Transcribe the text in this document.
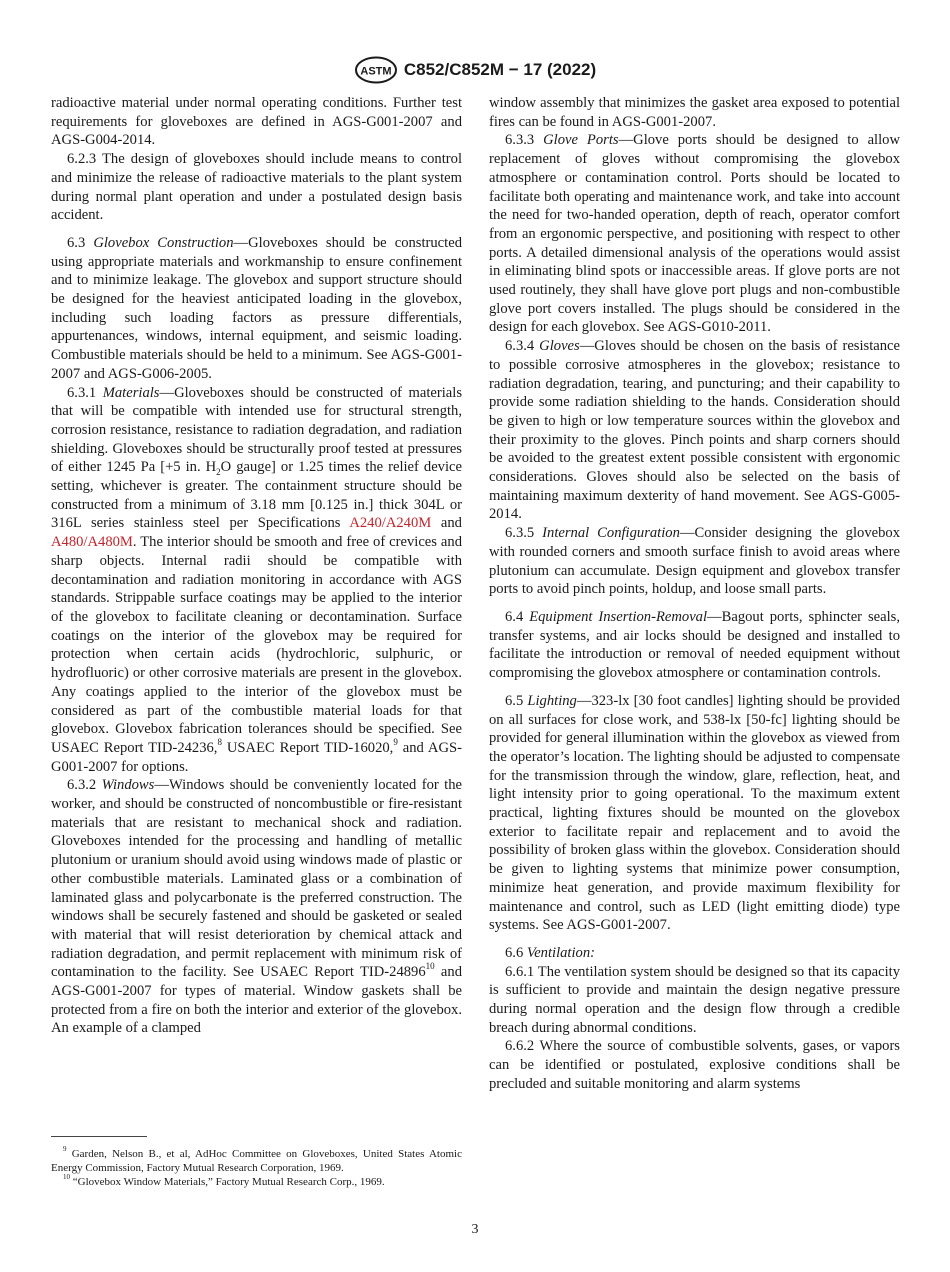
ASTM C852/C852M − 17 (2022)

radioactive material under normal operating conditions. Further test requirements for gloveboxes are defined in AGS-G001-2007 and AGS-G004-2014.

6.2.3 The design of gloveboxes should include means to control and minimize the release of radioactive materials to the plant system during normal plant operation and under a postulated design basis accident.

6.3 Glovebox Construction—Gloveboxes should be constructed using appropriate materials and workmanship to ensure confinement and to minimize leakage. The glovebox and support structure should be designed for the heaviest anticipated loading in the glovebox, including such loading factors as pressure differentials, appurtenances, windows, internal equipment, and seismic loading. Combustible materials should be held to a minimum. See AGS-G001-2007 and AGS-G006-2005.

6.3.1 Materials—Gloveboxes should be constructed of materials that will be compatible with intended use for structural strength, corrosion resistance, resistance to radiation degradation, and radiation shielding. Gloveboxes should be structurally proof tested at pressures of either 1245 Pa [+5 in. $H_2O$ gauge] or 1.25 times the relief device setting, whichever is greater. The containment structure should be constructed from a minimum of 3.18 mm [0.125 in.] thick 304L or 316L series stainless steel per Specifications A240/A240M and A480/A480M. The interior should be smooth and free of crevices and sharp objects. Internal radii should be compatible with decontamination and radiation monitoring in accordance with AGS standards. Strippable surface coatings may be applied to the interior of the glovebox to facilitate cleaning or decontamination. Surface coatings on the interior of the glovebox may be required for protection when certain acids (hydrochloric, sulphuric, or hydrofluoric) or other corrosive materials are present in the glovebox. Any coatings applied to the interior of the glovebox must be considered as part of the combustible material loads for that glovebox. Glovebox fabrication tolerances should be specified. See USAEC Report TID-24236,$^8$ USAEC Report TID-16020,$^9$ and AGS-G001-2007 for options.

6.3.2 Windows—Windows should be conveniently located for the worker, and should be constructed of noncombustible or fire-resistant materials that are resistant to mechanical shock and radiation. Gloveboxes intended for the processing and handling of metallic plutonium or uranium should avoid using windows made of plastic or other combustible materials. Laminated glass or a combination of laminated glass and polycarbonate is the preferred construction. The windows shall be securely fastened and should be gasketed or sealed with material that will resist deterioration by chemical attack and radiation degradation, and permit replacement with minimum risk of contamination to the facility. See USAEC Report TID-24896$^{10}$ and AGS-G001-2007 for types of material. Window gaskets shall be protected from a fire on both the interior and exterior of the glovebox. An example of a clamped

window assembly that minimizes the gasket area exposed to potential fires can be found in AGS-G001-2007.

6.3.3 Glove Ports—Glove ports should be designed to allow replacement of gloves without compromising the glovebox atmosphere or contamination control. Ports should be located to facilitate both operating and maintenance work, and take into account the need for two-handed operation, depth of reach, operator comfort from an ergonomic perspective, and positioning with respect to other ports. A detailed dimensional analysis of the operations would assist in eliminating blind spots or inaccessible areas. If glove ports are not used routinely, they shall have glove port plugs and non-combustible glove port covers installed. The plugs should be considered in the design for each glovebox. See AGS-G010-2011.

6.3.4 Gloves—Gloves should be chosen on the basis of resistance to possible corrosive atmospheres in the glovebox; resistance to radiation degradation, tearing, and puncturing; and their capability to provide some radiation shielding to the hands. Consideration should be given to high or low temperature sources within the glovebox and their proximity to the gloves. Pinch points and sharp corners should be avoided to the greatest extent possible consistent with ergonomic considerations. Gloves should also be selected on the basis of maintaining maximum dexterity of hand movement. See AGS-G005-2014.

6.3.5 Internal Configuration—Consider designing the glovebox with rounded corners and smooth surface finish to avoid areas where plutonium can accumulate. Design equipment and glovebox transfer ports to avoid pinch points, holdup, and loose small parts.

6.4 Equipment Insertion-Removal—Bagout ports, sphincter seals, transfer systems, and air locks should be designed and installed to facilitate the introduction or removal of needed equipment without compromising the glovebox atmosphere or contamination controls.

6.5 Lighting—323-lx [30 foot candles] lighting should be provided on all surfaces for close work, and 538-lx [50-fc] lighting should be provided for general illumination within the glovebox as viewed from the operator’s location. The lighting should be adjusted to compensate for the transmission through the window, glare, reflection, heat, and light intensity prior to going operational. To the maximum extent practical, lighting fixtures should be mounted on the glovebox exterior to facilitate repair and replacement and to avoid the possibility of broken glass within the glovebox. Consideration should be given to lighting systems that minimize power consumption, minimize heat generation, and provide maximum flexibility for maintenance and control, such as LED (light emitting diode) type systems. See AGS-G001-2007.

6.6 Ventilation:

6.6.1 The ventilation system should be designed so that its capacity is sufficient to provide and maintain the design negative pressure during normal operation and the design flow through a credible breach during abnormal conditions.

6.6.2 Where the source of combustible solvents, gases, or vapors can be identified or postulated, explosive conditions shall be precluded and suitable monitoring and alarm systems

$^9$ Garden, Nelson B., et al, AdHoc Committee on Gloveboxes, United States Atomic Energy Commission, Factory Mutual Research Corporation, 1969.

$^{10}$ “Glovebox Window Materials,” Factory Mutual Research Corp., 1969.

3
